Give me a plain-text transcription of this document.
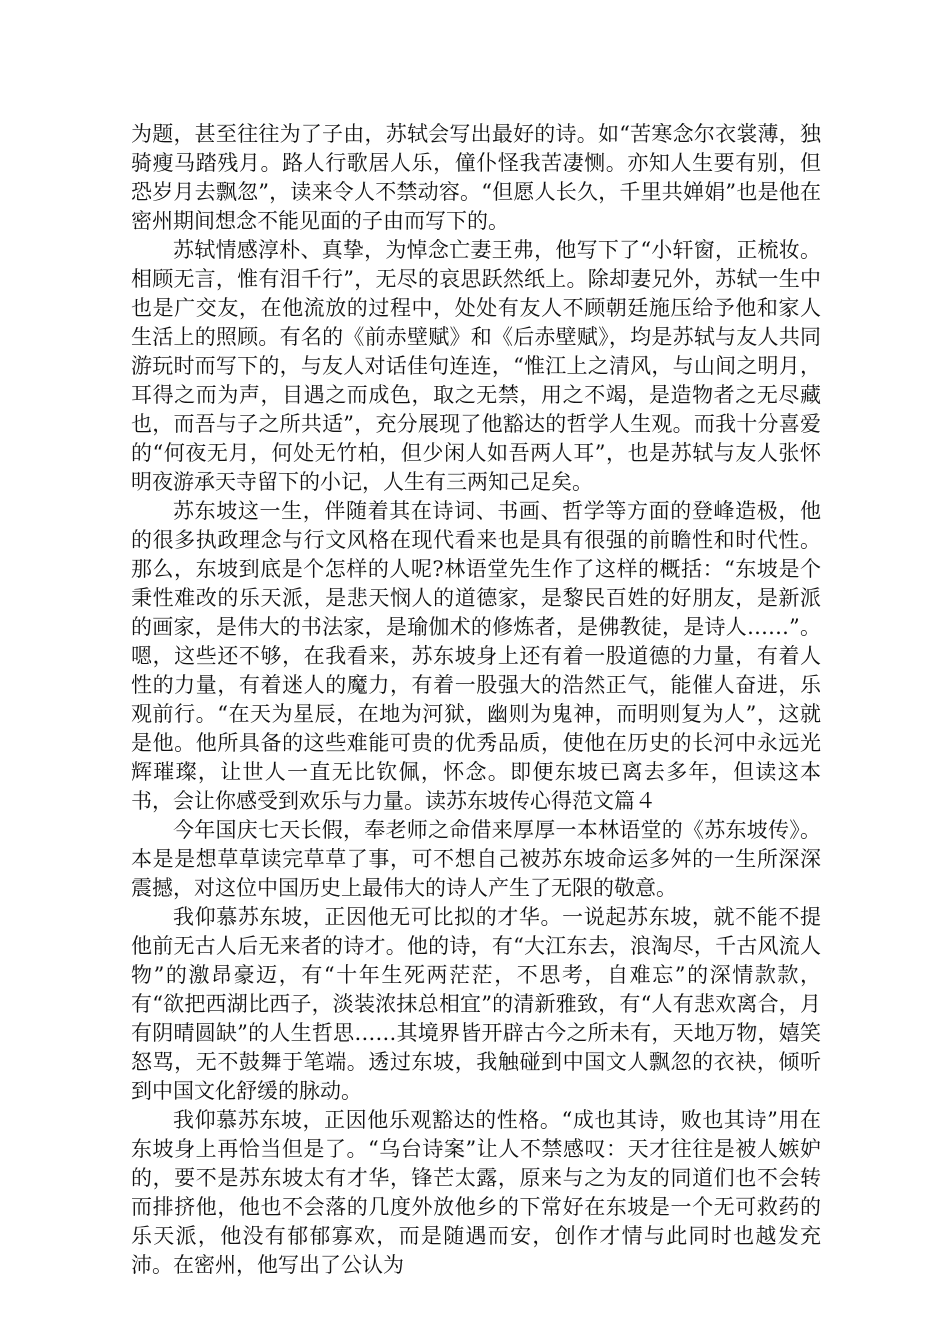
为题，甚至往往为了子由，苏轼会写出最好的诗。如“苦寒念尔衣裳薄，独骑瘦马踏残月。路人行歌居人乐，僮仆怪我苦凄恻。亦知人生要有别，但恐岁月去飘忽”，读来令人不禁动容。“但愿人长久，千里共婵娟”也是他在密州期间想念不能见面的子由而写下的。

苏轼情感淳朴、真挚，为悼念亡妻王弗，他写下了“小轩窗，正梳妆。相顾无言，惟有泪千行”，无尽的哀思跃然纸上。除却妻兄外，苏轼一生中也是广交友，在他流放的过程中，处处有友人不顾朝廷施压给予他和家人生活上的照顾。有名的《前赤壁赋》和《后赤壁赋》，均是苏轼与友人共同游玩时而写下的，与友人对话佳句连连，“惟江上之清风，与山间之明月，耳得之而为声，目遇之而成色，取之无禁，用之不竭，是造物者之无尽藏也，而吾与子之所共适”，充分展现了他豁达的哲学人生观。而我十分喜爱的“何夜无月，何处无竹柏，但少闲人如吾两人耳”，也是苏轼与友人张怀明夜游承天寺留下的小记，人生有三两知己足矣。

苏东坡这一生，伴随着其在诗词、书画、哲学等方面的登峰造极，他的很多执政理念与行文风格在现代看来也是具有很强的前瞻性和时代性。那么，东坡到底是个怎样的人呢?林语堂先生作了这样的概括：“东坡是个秉性难改的乐天派，是悲天悯人的道德家，是黎民百姓的好朋友，是新派的画家，是伟大的书法家，是瑜伽术的修炼者，是佛教徒，是诗人……”。嗯，这些还不够，在我看来，苏东坡身上还有着一股道德的力量，有着人性的力量，有着迷人的魔力，有着一股强大的浩然正气，能催人奋进，乐观前行。“在天为星辰，在地为河狱，幽则为鬼神，而明则复为人”，这就是他。他所具备的这些难能可贵的优秀品质，使他在历史的长河中永远光辉璀璨，让世人一直无比钦佩，怀念。即便东坡已离去多年，但读这本书，会让你感受到欢乐与力量。读苏东坡传心得范文篇４

今年国庆七天长假，奉老师之命借来厚厚一本林语堂的《苏东坡传》。本是是想草草读完草草了事，可不想自己被苏东坡命运多舛的一生所深深震撼，对这位中国历史上最伟大的诗人产生了无限的敬意。

我仰慕苏东坡，正因他无可比拟的才华。一说起苏东坡，就不能不提他前无古人后无来者的诗才。他的诗，有“大江东去，浪淘尽，千古风流人物”的激昂豪迈，有“十年生死两茫茫，不思考，自难忘”的深情款款，有“欲把西湖比西子，淡装浓抹总相宜”的清新雅致，有“人有悲欢离合，月有阴晴圆缺”的人生哲思……其境界皆开辟古今之所未有，天地万物，嬉笑怒骂，无不鼓舞于笔端。透过东坡，我触碰到中国文人飘忽的衣袂，倾听到中国文化舒缓的脉动。

我仰慕苏东坡，正因他乐观豁达的性格。“成也其诗，败也其诗”用在东坡身上再恰当但是了。“乌台诗案”让人不禁感叹：天才往往是被人嫉妒的，要不是苏东坡太有才华，锋芒太露，原来与之为友的同道们也不会转而排挤他，他也不会落的几度外放他乡的下常好在东坡是一个无可救药的乐天派，他没有郁郁寡欢，而是随遇而安，创作才情与此同时也越发充沛。在密州，他写出了公认为
